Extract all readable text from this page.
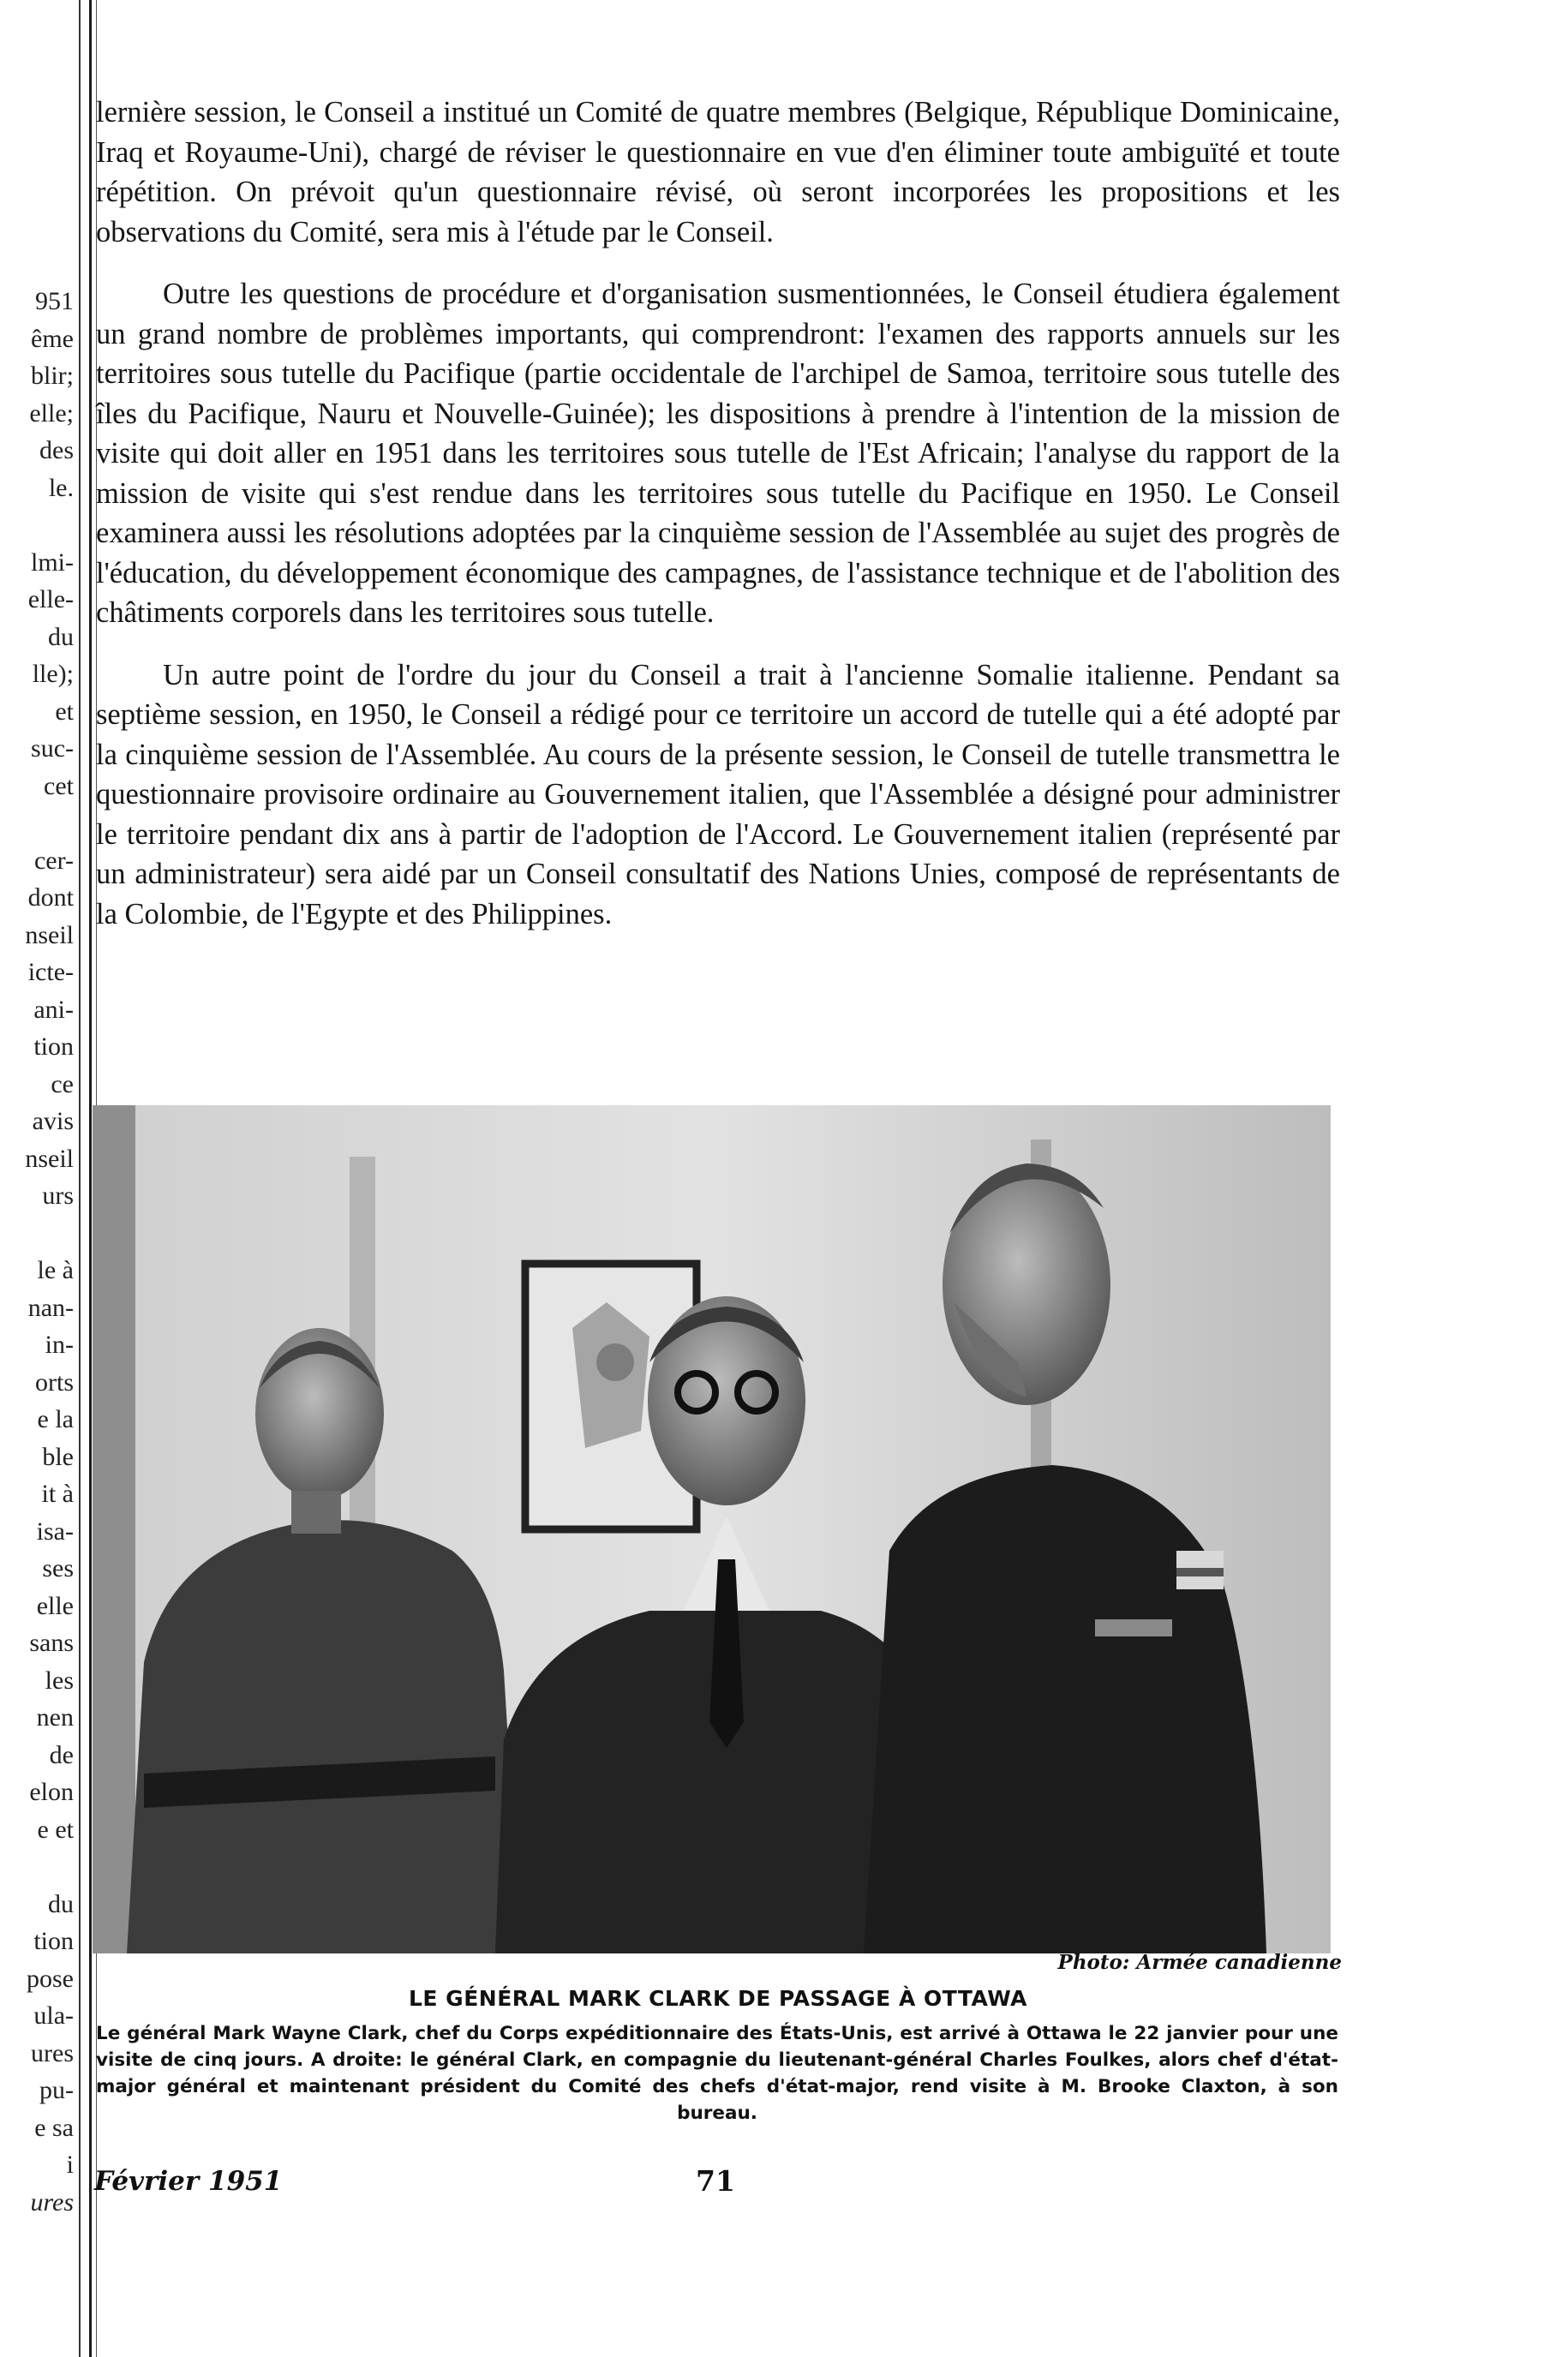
951
ême
blir;
elle;
des
le.
lmi-
elle-
du
lle);
et
suc-
cet
cer-
dont
nseil
icte-
ani-
tion
ce
avis
nseil
urs
le à
nan-
in-
orts
e la
ble
it à
isa-
ses
elle
sans
les
nen
de
elon
e et
du
tion
pose
ula-
ures
pu-
e sa
i
ures

lernière session, le Conseil a institué un Comité de quatre membres (Belgique, République Dominicaine, Iraq et Royaume-Uni), chargé de réviser le questionnaire en vue d'en éliminer toute ambiguïté et toute répétition. On prévoit qu'un questionnaire révisé, où seront incorporées les propositions et les observations du Comité, sera mis à l'étude par le Conseil.

Outre les questions de procédure et d'organisation susmentionnées, le Conseil étudiera également un grand nombre de problèmes importants, qui comprendront: l'examen des rapports annuels sur les territoires sous tutelle du Pacifique (partie occidentale de l'archipel de Samoa, territoire sous tutelle des îles du Pacifique, Nauru et Nouvelle-Guinée); les dispositions à prendre à l'intention de la mission de visite qui doit aller en 1951 dans les territoires sous tutelle de l'Est Africain; l'analyse du rapport de la mission de visite qui s'est rendue dans les territoires sous tutelle du Pacifique en 1950. Le Conseil examinera aussi les résolutions adoptées par la cinquième session de l'Assemblée au sujet des progrès de l'éducation, du développement économique des campagnes, de l'assistance technique et de l'abolition des châtiments corporels dans les territoires sous tutelle.

Un autre point de l'ordre du jour du Conseil a trait à l'ancienne Somalie italienne. Pendant sa septième session, en 1950, le Conseil a rédigé pour ce territoire un accord de tutelle qui a été adopté par la cinquième session de l'Assemblée. Au cours de la présente session, le Conseil de tutelle transmettra le questionnaire provisoire ordinaire au Gouvernement italien, que l'Assemblée a désigné pour administrer le territoire pendant dix ans à partir de l'adoption de l'Accord. Le Gouvernement italien (représenté par un administrateur) sera aidé par un Conseil consultatif des Nations Unies, composé de représentants de la Colombie, de l'Egypte et des Philippines.

Photo: Armée canadienne
LE GÉNÉRAL MARK CLARK DE PASSAGE À OTTAWA
Le général Mark Wayne Clark, chef du Corps expéditionnaire des États-Unis, est arrivé à Ottawa le 22 janvier pour une visite de cinq jours. A droite: le général Clark, en compagnie du lieutenant-général Charles Foulkes, alors chef d'état-major général et maintenant président du Comité des chefs d'état-major, rend visite à M. Brooke Claxton, à son bureau.
Février 1951	71
